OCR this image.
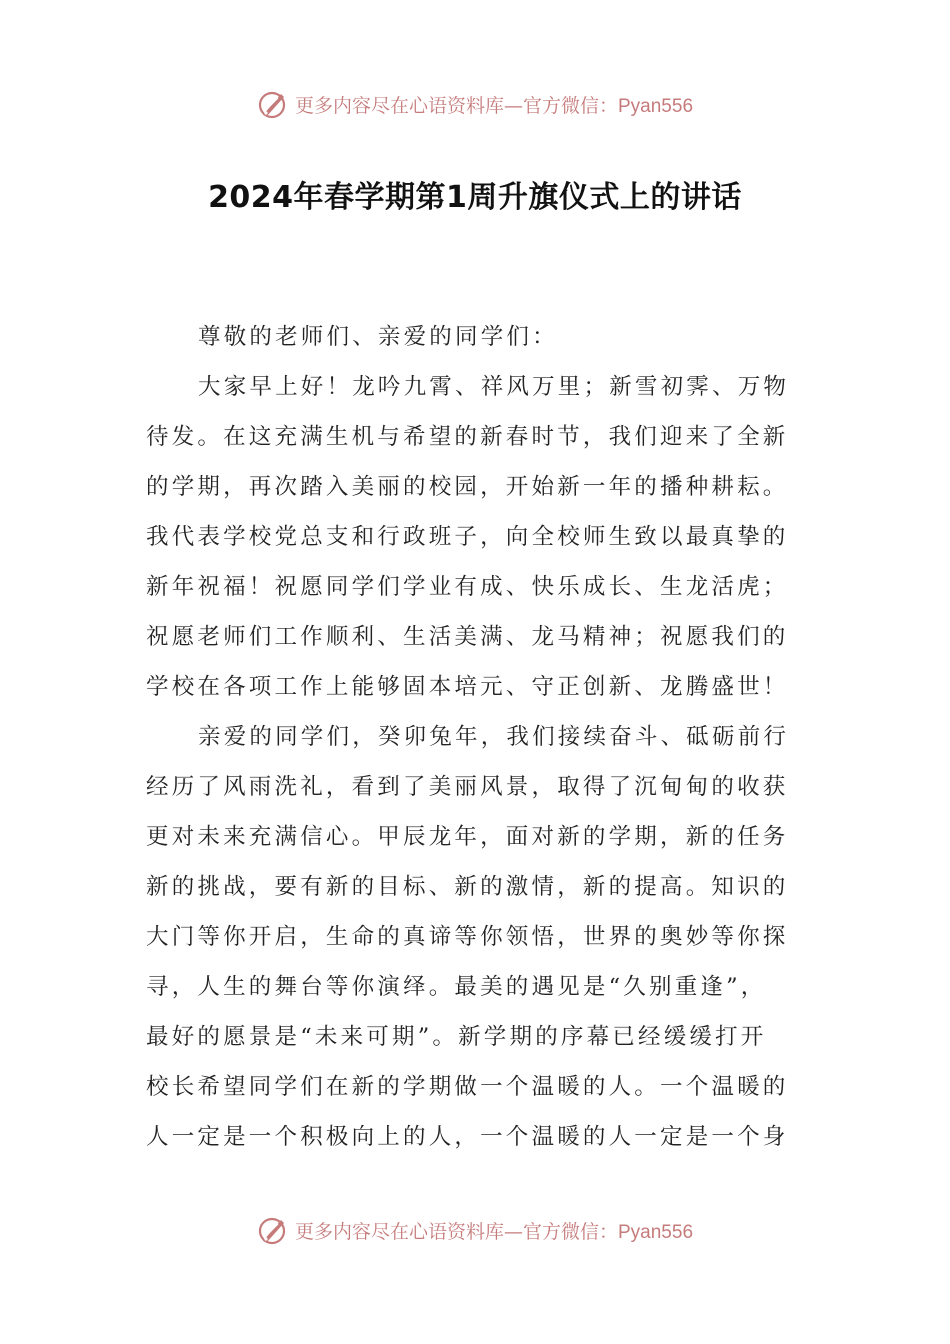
更多内容尽在心语资料库—官方微信：Pyan556
2024年春学期第1周升旗仪式上的讲话
尊敬的老师们、亲爱的同学们：
大家早上好！龙吟九霄、祥风万里；新雪初霁、万物
待发。在这充满生机与希望的新春时节，我们迎来了全新
的学期，再次踏入美丽的校园，开始新一年的播种耕耘。
我代表学校党总支和行政班子，向全校师生致以最真挚的
新年祝福！祝愿同学们学业有成、快乐成长、生龙活虎；
祝愿老师们工作顺利、生活美满、龙马精神；祝愿我们的
学校在各项工作上能够固本培元、守正创新、龙腾盛世！
亲爱的同学们，癸卯兔年，我们接续奋斗、砥砺前行
经历了风雨洗礼，看到了美丽风景，取得了沉甸甸的收获
更对未来充满信心。甲辰龙年，面对新的学期，新的任务
新的挑战，要有新的目标、新的激情，新的提高。知识的
大门等你开启，生命的真谛等你领悟，世界的奥妙等你探
寻，人生的舞台等你演绎。最美的遇见是“久别重逢”，
最好的愿景是“未来可期”。新学期的序幕已经缓缓打开
校长希望同学们在新的学期做一个温暖的人。一个温暖的
人一定是一个积极向上的人，一个温暖的人一定是一个身
更多内容尽在心语资料库—官方微信：Pyan556
